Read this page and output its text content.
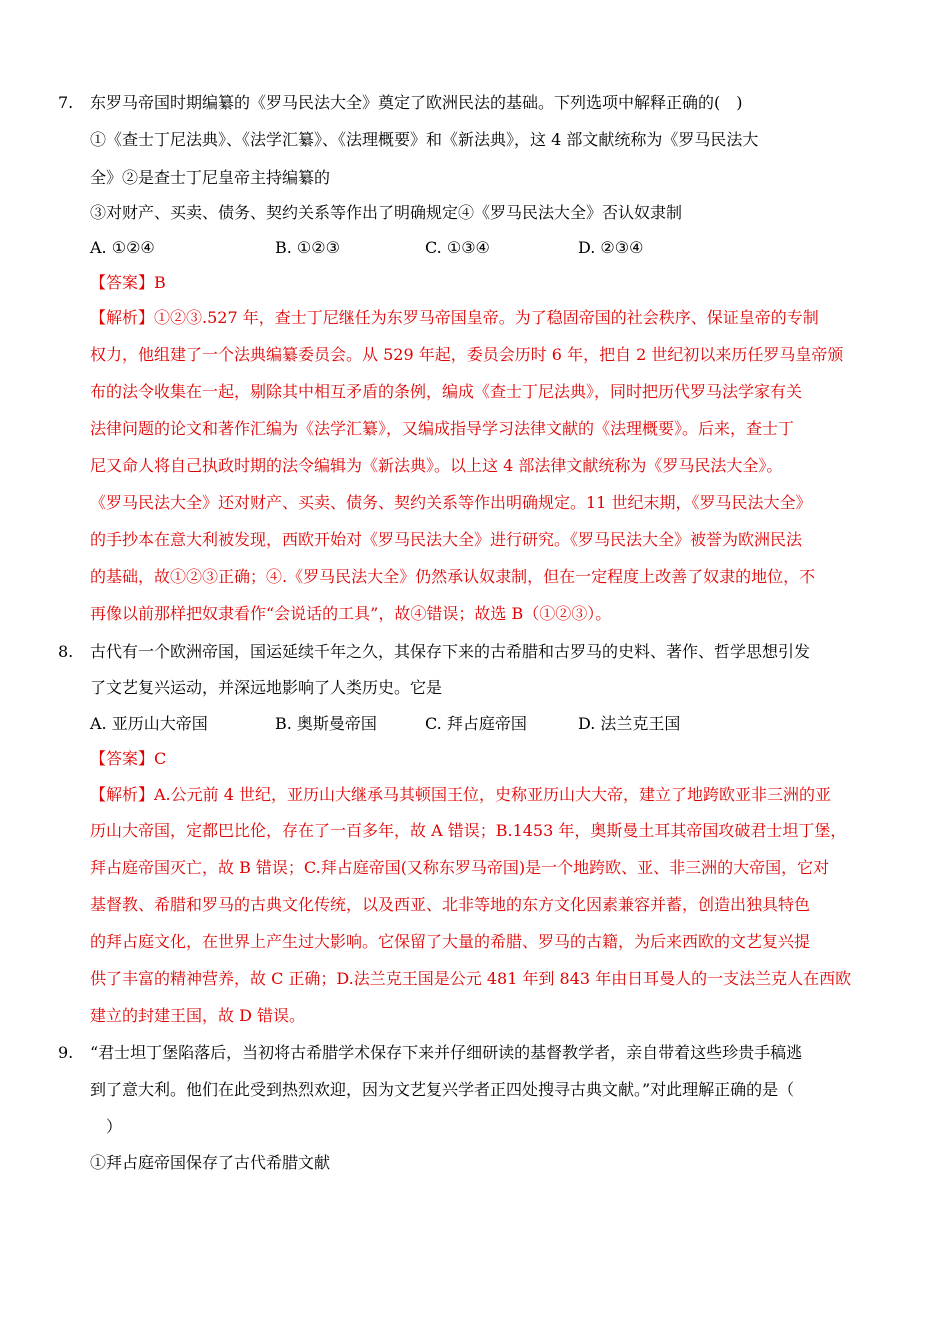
7. 东罗马帝国时期编纂的《罗马民法大全》奠定了欧洲民法的基础。下列选项中解释正确的(　)
①《查士丁尼法典》、《法学汇纂》、《法理概要》和《新法典》，这 4 部文献统称为《罗马民法大
全》②是查士丁尼皇帝主持编纂的
③对财产、买卖、债务、契约关系等作出了明确规定④《罗马民法大全》否认奴隶制
A. ①②④	B. ①②③	C. ①③④	D. ②③④
【答案】B
【解析】①②③.527 年，查士丁尼继任为东罗马帝国皇帝。为了稳固帝国的社会秩序、保证皇帝的专制
权力，他组建了一个法典编纂委员会。从 529 年起，委员会历时 6 年，把自 2 世纪初以来历任罗马皇帝颁
布的法令收集在一起，剔除其中相互矛盾的条例，编成《查士丁尼法典》，同时把历代罗马法学家有关
法律问题的论文和著作汇编为《法学汇纂》，又编成指导学习法律文献的《法理概要》。后来，查士丁
尼又命人将自己执政时期的法令编辑为《新法典》。以上这 4 部法律文献统称为《罗马民法大全》。
《罗马民法大全》还对财产、买卖、债务、契约关系等作出明确规定。11 世纪末期，《罗马民法大全》
的手抄本在意大利被发现，西欧开始对《罗马民法大全》进行研究。《罗马民法大全》被誉为欧洲民法
的基础，故①②③正确；④.《罗马民法大全》仍然承认奴隶制，但在一定程度上改善了奴隶的地位，不
再像以前那样把奴隶看作“会说话的工具”，故④错误；故选 B（①②③）。
8. 古代有一个欧洲帝国，国运延续千年之久，其保存下来的古希腊和古罗马的史料、著作、哲学思想引发
了文艺复兴运动，并深远地影响了人类历史。它是
A. 亚历山大帝国	B. 奥斯曼帝国	C. 拜占庭帝国	D. 法兰克王国
【答案】C
【解析】A.公元前 4 世纪，亚历山大继承马其顿国王位，史称亚历山大大帝，建立了地跨欧亚非三洲的亚
历山大帝国，定都巴比伦，存在了一百多年，故 A 错误；B.1453 年，奥斯曼土耳其帝国攻破君士坦丁堡，
拜占庭帝国灭亡，故 B 错误；C.拜占庭帝国(又称东罗马帝国)是一个地跨欧、亚、非三洲的大帝国，它对
基督教、希腊和罗马的古典文化传统，以及西亚、北非等地的东方文化因素兼容并蓄，创造出独具特色
的拜占庭文化，在世界上产生过大影响。它保留了大量的希腊、罗马的古籍，为后来西欧的文艺复兴提
供了丰富的精神营养，故 C 正确；D.法兰克王国是公元 481 年到 843 年由日耳曼人的一支法兰克人在西欧
建立的封建王国，故 D 错误。
9. “君士坦丁堡陷落后，当初将古希腊学术保存下来并仔细研读的基督教学者，亲自带着这些珍贵手稿逃
到了意大利。他们在此受到热烈欢迎，因为文艺复兴学者正四处搜寻古典文献。”对此理解正确的是（
　）
①拜占庭帝国保存了古代希腊文献
